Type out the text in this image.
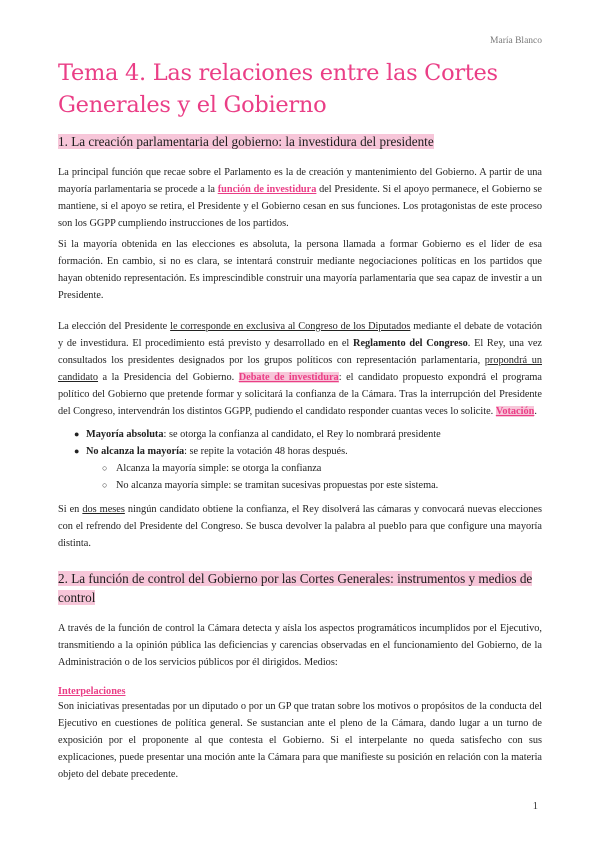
María Blanco
Tema 4. Las relaciones entre las Cortes Generales y el Gobierno
1. La creación parlamentaria del gobierno: la investidura del presidente

La principal función que recae sobre el Parlamento es la de creación y mantenimiento del Gobierno. A partir de una mayoría parlamentaria se procede a la función de investidura del Presidente. Si el apoyo permanece, el Gobierno se mantiene, si el apoyo se retira, el Presidente y el Gobierno cesan en sus funciones. Los protagonistas de este proceso son los GGPP cumpliendo instrucciones de los partidos.

Si la mayoría obtenida en las elecciones es absoluta, la persona llamada a formar Gobierno es el líder de esa formación. En cambio, si no es clara, se intentará construir mediante negociaciones políticas en los partidos que hayan obtenido representación. Es imprescindible construir una mayoría parlamentaria que sea capaz de investir a un Presidente.

La elección del Presidente le corresponde en exclusiva al Congreso de los Diputados mediante el debate de votación y de investidura. El procedimiento está previsto y desarrollado en el Reglamento del Congreso. El Rey, una vez consultados los presidentes designados por los grupos políticos con representación parlamentaria, propondrá un candidato a la Presidencia del Gobierno. Debate de investidura: el candidato propuesto expondrá el programa político del Gobierno que pretende formar y solicitará la confianza de la Cámara. Tras la interrupción del Presidente del Congreso, intervendrán los distintos GGPP, pudiendo el candidato responder cuantas veces lo solicite. Votación.

● Mayoría absoluta: se otorga la confianza al candidato, el Rey lo nombrará presidente
● No alcanza la mayoría: se repite la votación 48 horas después.
○ Alcanza la mayoría simple: se otorga la confianza
○ No alcanza mayoría simple: se tramitan sucesivas propuestas por este sistema.

Si en dos meses ningún candidato obtiene la confianza, el Rey disolverá las cámaras y convocará nuevas elecciones con el refrendo del Presidente del Congreso. Se busca devolver la palabra al pueblo para que configure una mayoría distinta.

2. La función de control del Gobierno por las Cortes Generales: instrumentos y medios de control

A través de la función de control la Cámara detecta y aísla los aspectos programáticos incumplidos por el Ejecutivo, transmitiendo a la opinión pública las deficiencias y carencias observadas en el funcionamiento del Gobierno, de la Administración o de los servicios públicos por él dirigidos. Medios:

Interpelaciones

Son iniciativas presentadas por un diputado o por un GP que tratan sobre los motivos o propósitos de la conducta del Ejecutivo en cuestiones de política general. Se sustancian ante el pleno de la Cámara, dando lugar a un turno de exposición por el proponente al que contesta el Gobierno. Si el interpelante no queda satisfecho con sus explicaciones, puede presentar una moción ante la Cámara para que manifieste su posición en relación con la materia objeto del debate precedente.

1
